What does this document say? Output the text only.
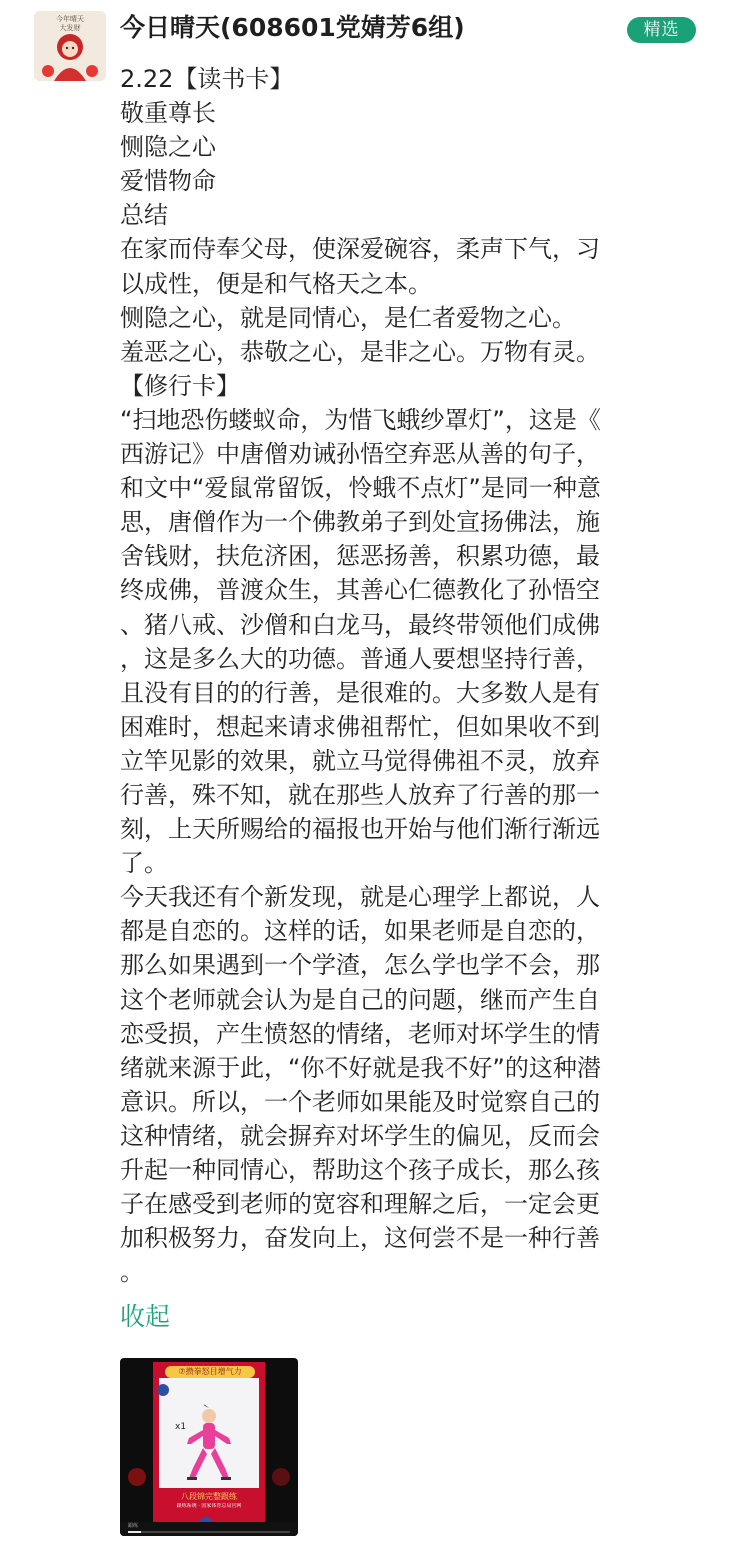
今年晴天
大发财	今日晴天(608601党婧芳6组)	精选
2.22【读书卡】
敬重尊长
恻隐之心
爱惜物命
总结
在家而侍奉父母，使深爱碗容，柔声下气，习
以成性，便是和气格天之本。
恻隐之心，就是同情心，是仁者爱物之心。
羞恶之心，恭敬之心，是非之心。万物有灵。
【修行卡】
“扫地恐伤蝼蚁命，为惜飞蛾纱罩灯”，这是《
西游记》中唐僧劝诫孙悟空弃恶从善的句子，
和文中“爱鼠常留饭，怜蛾不点灯”是同一种意
思，唐僧作为一个佛教弟子到处宣扬佛法，施
舍钱财，扶危济困，惩恶扬善，积累功德，最
终成佛，普渡众生，其善心仁德教化了孙悟空
、猪八戒、沙僧和白龙马，最终带领他们成佛
，这是多么大的功德。普通人要想坚持行善，
且没有目的的行善，是很难的。大多数人是有
困难时，想起来请求佛祖帮忙，但如果收不到
立竿见影的效果，就立马觉得佛祖不灵，放弃
行善，殊不知，就在那些人放弃了行善的那一
刻，上天所赐给的福报也开始与他们渐行渐远
了。
今天我还有个新发现，就是心理学上都说，人
都是自恋的。这样的话，如果老师是自恋的，
那么如果遇到一个学渣，怎么学也学不会，那
这个老师就会认为是自己的问题，继而产生自
恋受损，产生愤怒的情绪，老师对坏学生的情
绪就来源于此，“你不好就是我不好”的这种潜
意识。所以，一个老师如果能及时觉察自己的
这种情绪，就会摒弃对坏学生的偏见，反而会
升起一种同情心，帮助这个孩子成长，那么孩
子在感受到老师的宽容和理解之后，一定会更
加积极努力，奋发向上，这何尝不是一种行善
。
收起
⑦攒拳怒目增气力
x1
八段锦完整跟练
跟练系统 · 国家体育总局官网
跟练
